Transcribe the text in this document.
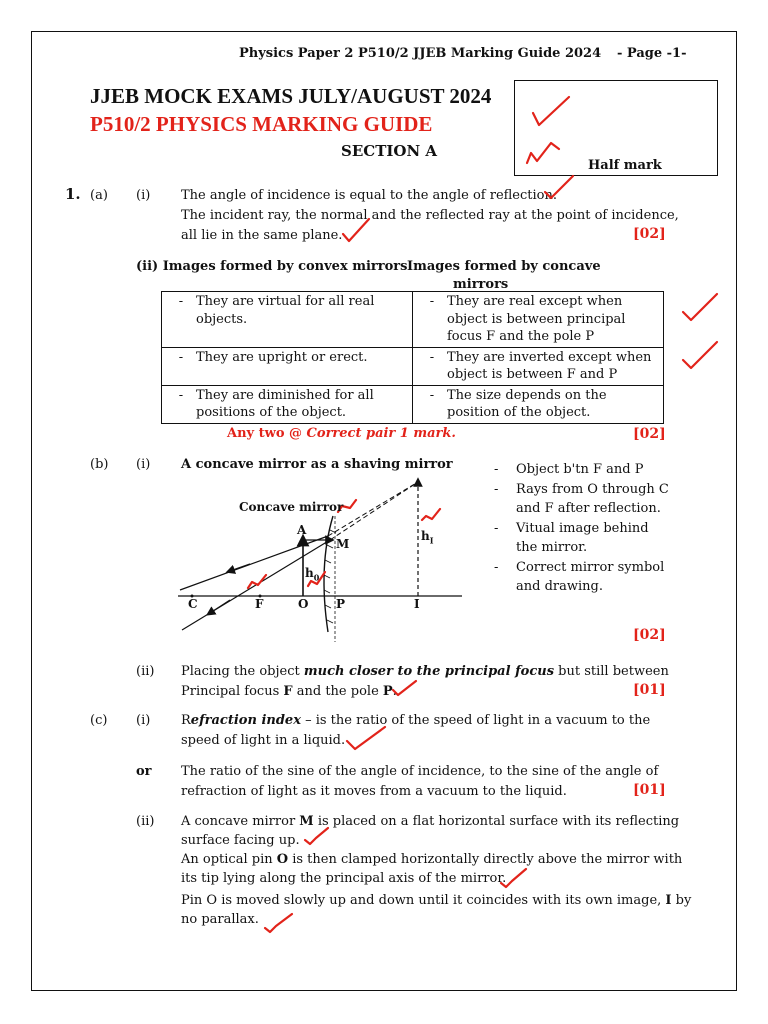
Physics Paper 2 P510/2 JJEB Marking Guide 2024 - Page -1-
JJEB MOCK EXAMS JULY/AUGUST 2024
P510/2 PHYSICS MARKING GUIDE
SECTION A
Half mark
1. (a) (i) The angle of incidence is equal to the angle of reflection.
The incident ray, the normal and the reflected ray at the point of incidence,
all lie in the same plane.	[02]
(ii) Images formed by convex mirrors Images formed by concave
mirrors
- They are virtual for all real objects.	- They are real except when object is between principal focus F and the pole P
- They are upright or erect.	- They are inverted except when object is between F and P
- They are diminished for all positions of the object.	- The size depends on the position of the object.
Any two @ Correct pair 1 mark.	[02]
(b) (i) A concave mirror as a shaving mirror
Concave mirror
A
M
$h_0$
$h_I$
C	F	O P	I
- Object b'tn F and P
- Rays from O through C and F after reflection.
- Vitual image behind the mirror.
- Correct mirror symbol and drawing.
[02]
(ii) Placing the object much closer to the principal focus but still between
Principal focus F and the pole P.	[01]
(c) (i) Refraction index – is the ratio of the speed of light in a vacuum to the
speed of light in a liquid.
or The ratio of the sine of the angle of incidence, to the sine of the angle of
refraction of light as it moves from a vacuum to the liquid.	[01]
(ii) A concave mirror M is placed on a flat horizontal surface with its reflecting
surface facing up.
An optical pin O is then clamped horizontally directly above the mirror with
its tip lying along the principal axis of the mirror.
Pin O is moved slowly up and down until it coincides with its own image, I by
no parallax.
